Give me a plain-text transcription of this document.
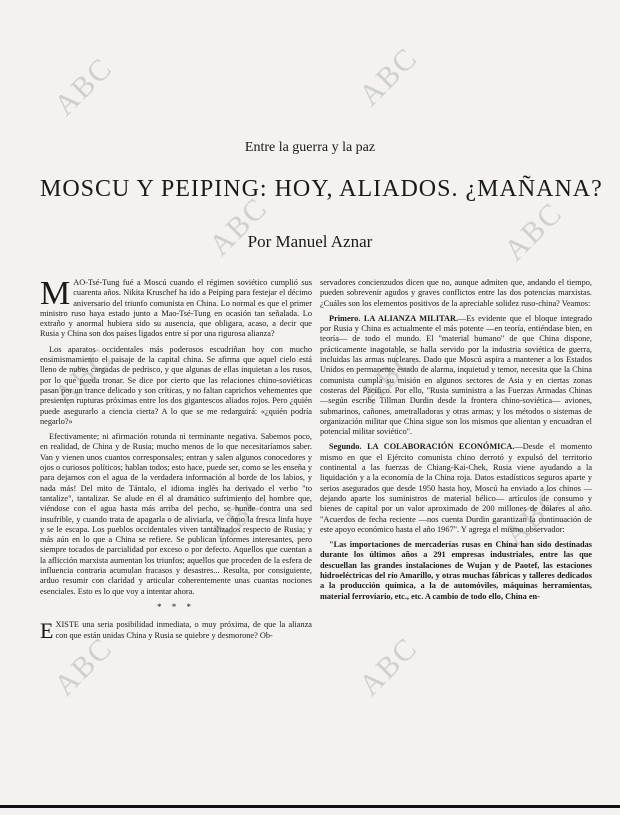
ABC	ABC
ABC	ABC
ABC	ABC
ABC	ABC
ABC	ABC
Entre la guerra y la paz
MOSCU Y PEIPING: HOY, ALIADOS. ¿MAÑANA?
Por Manuel Aznar

MAO-Tsé-Tung fué a Moscú cuando el régimen soviético cumplió sus cuarenta años. Nikita Kruschef ha ido a Peiping para festejar el décimo aniversario del triunfo comunista en China. Lo normal es que el primer ministro ruso haya estado junto a Mao-Tsé-Tung en ocasión tan señalada. Lo extraño y anormal hubiera sido su ausencia, que obligara, acaso, a decir que Rusia y China son dos países ligados entre sí por una rigurosa alianza?

Los aparatos occidentales más poderosos escudriñan hoy con mucho ensimismamiento el paisaje de la capital china. Se afirma que aquel cielo está lleno de nubes cargadas de pedrisco, y que algunas de ellas inquietan a los rusos, por lo que pueda tronar. Se dice por cierto que las relaciones chino-soviéticas pasan por un trance delicado y son críticas, y no faltan caprichos vehementes que presienten rupturas próximas entre los dos gigantescos aliados rojos. Pero ¿quién puede asegurarlo a ciencia cierta? A lo que se me redarguirá: «¿quién podría negarlo?»

Efectivamente; ni afirmación rotunda ni terminante negativa. Sabemos poco, en realidad, de China y de Rusia; mucho menos de lo que necesitaríamos saber. Van y vienen unos cuantos corresponsales; entran y salen algunos conocedores y ojos o curiosos políticos; hablan todos; esto hace, puede ser, como se les enseña y para dejarnos con el agua de la verdadera información al borde de los labios, y nada más! Del mito de Tántalo, el idioma inglés ha derivado el verbo "to tantalize", tantalizar. Se alude en él al dramático sufrimiento del hombre que, viéndose con el agua hasta más arriba del pecho, se hunde contra una sed insufrible, y cuando trata de apagarla o de aliviarla, ve cómo la fresca linfa huye y se le escapa. Los pueblos occidentales viven tantalizados respecto de Rusia; y más aún en lo que a China se refiere. Se publican informes interesantes, pero siempre tocados de parcialidad por exceso o por defecto. Aquellos que cuentan a la aflicción marxista aumentan los triunfos; aquellos que proceden de la esfera de influencia contraria acumulan fracasos y desastres... Resulta, por consiguiente, arduo resumir con claridad y articular coherentemente unas cuantas nociones esenciales. Esto es lo que voy a intentar ahora.

* * *

EXISTE una seria posibilidad inmediata, o muy próxima, de que la alianza con que están unidas China y Rusia se quiebre y desmorone? Ob-

servadores concienzudos dicen que no, aunque admiten que, andando el tiempo, pueden sobrevenir agudos y graves conflictos entre las dos potencias marxistas. ¿Cuáles son los elementos positivos de la apreciable solidez ruso-china? Veamos:

Primero. LA ALIANZA MILITAR.—Es evidente que el bloque integrado por Rusia y China es actualmente el más potente —en teoría, entiéndase bien, en teoría— de todo el mundo. El "material humano" de que China dispone, prácticamente inagotable, se halla servido por la industria soviética de guerra, incluidas las armas nucleares. Dado que Moscú aspira a mantener a los Estados Unidos en permanente estado de alarma, inquietud y temor, necesita que la China comunista cumpla su misión en algunos sectores de Asia y en ciertas zonas costeras del Pacífico. Por ello, "Rusia suministra a las Fuerzas Armadas Chinas —según escribe Tillman Durdin desde la frontera chino-soviética— aviones, submarinos, cañones, ametralladoras y otras armas; y los métodos o sistemas de organización militar que China sigue son los mismos que alientan y encuadran el potencial militar soviético".

Segundo. LA COLABORACIÓN ECONÓMICA.—Desde el momento mismo en que el Ejército comunista chino derrotó y expulsó del territorio continental a las fuerzas de Chiang-Kai-Chek, Rusia viene ayudando a la liquidación y a la economía de la China roja. Datos estadísticos seguros aparte y serios asegurados que desde 1950 hasta hoy, Moscú ha enviado a los chinos —dejando aparte los suministros de material bélico— artículos de consumo y bienes de capital por un valor aproximado de 200 millones de dólares al año. "Acuerdos de fecha reciente —nos cuenta Durdin garantizan la continuación de este apoyo económico hasta el año 1967". Y agrega el mismo observador:

"Las importaciones de mercaderías rusas en China han sido destinadas durante los últimos años a 291 empresas industriales, entre las que descuellan las grandes instalaciones de Wujan y de Paotef, las estaciones hidroeléctricas del río Amarillo, y otras muchas fábricas y talleres dedicados a la producción química, a la de automóviles, máquinas herramientas, material ferroviario, etc., etc. A cambio de todo ello, China en-
